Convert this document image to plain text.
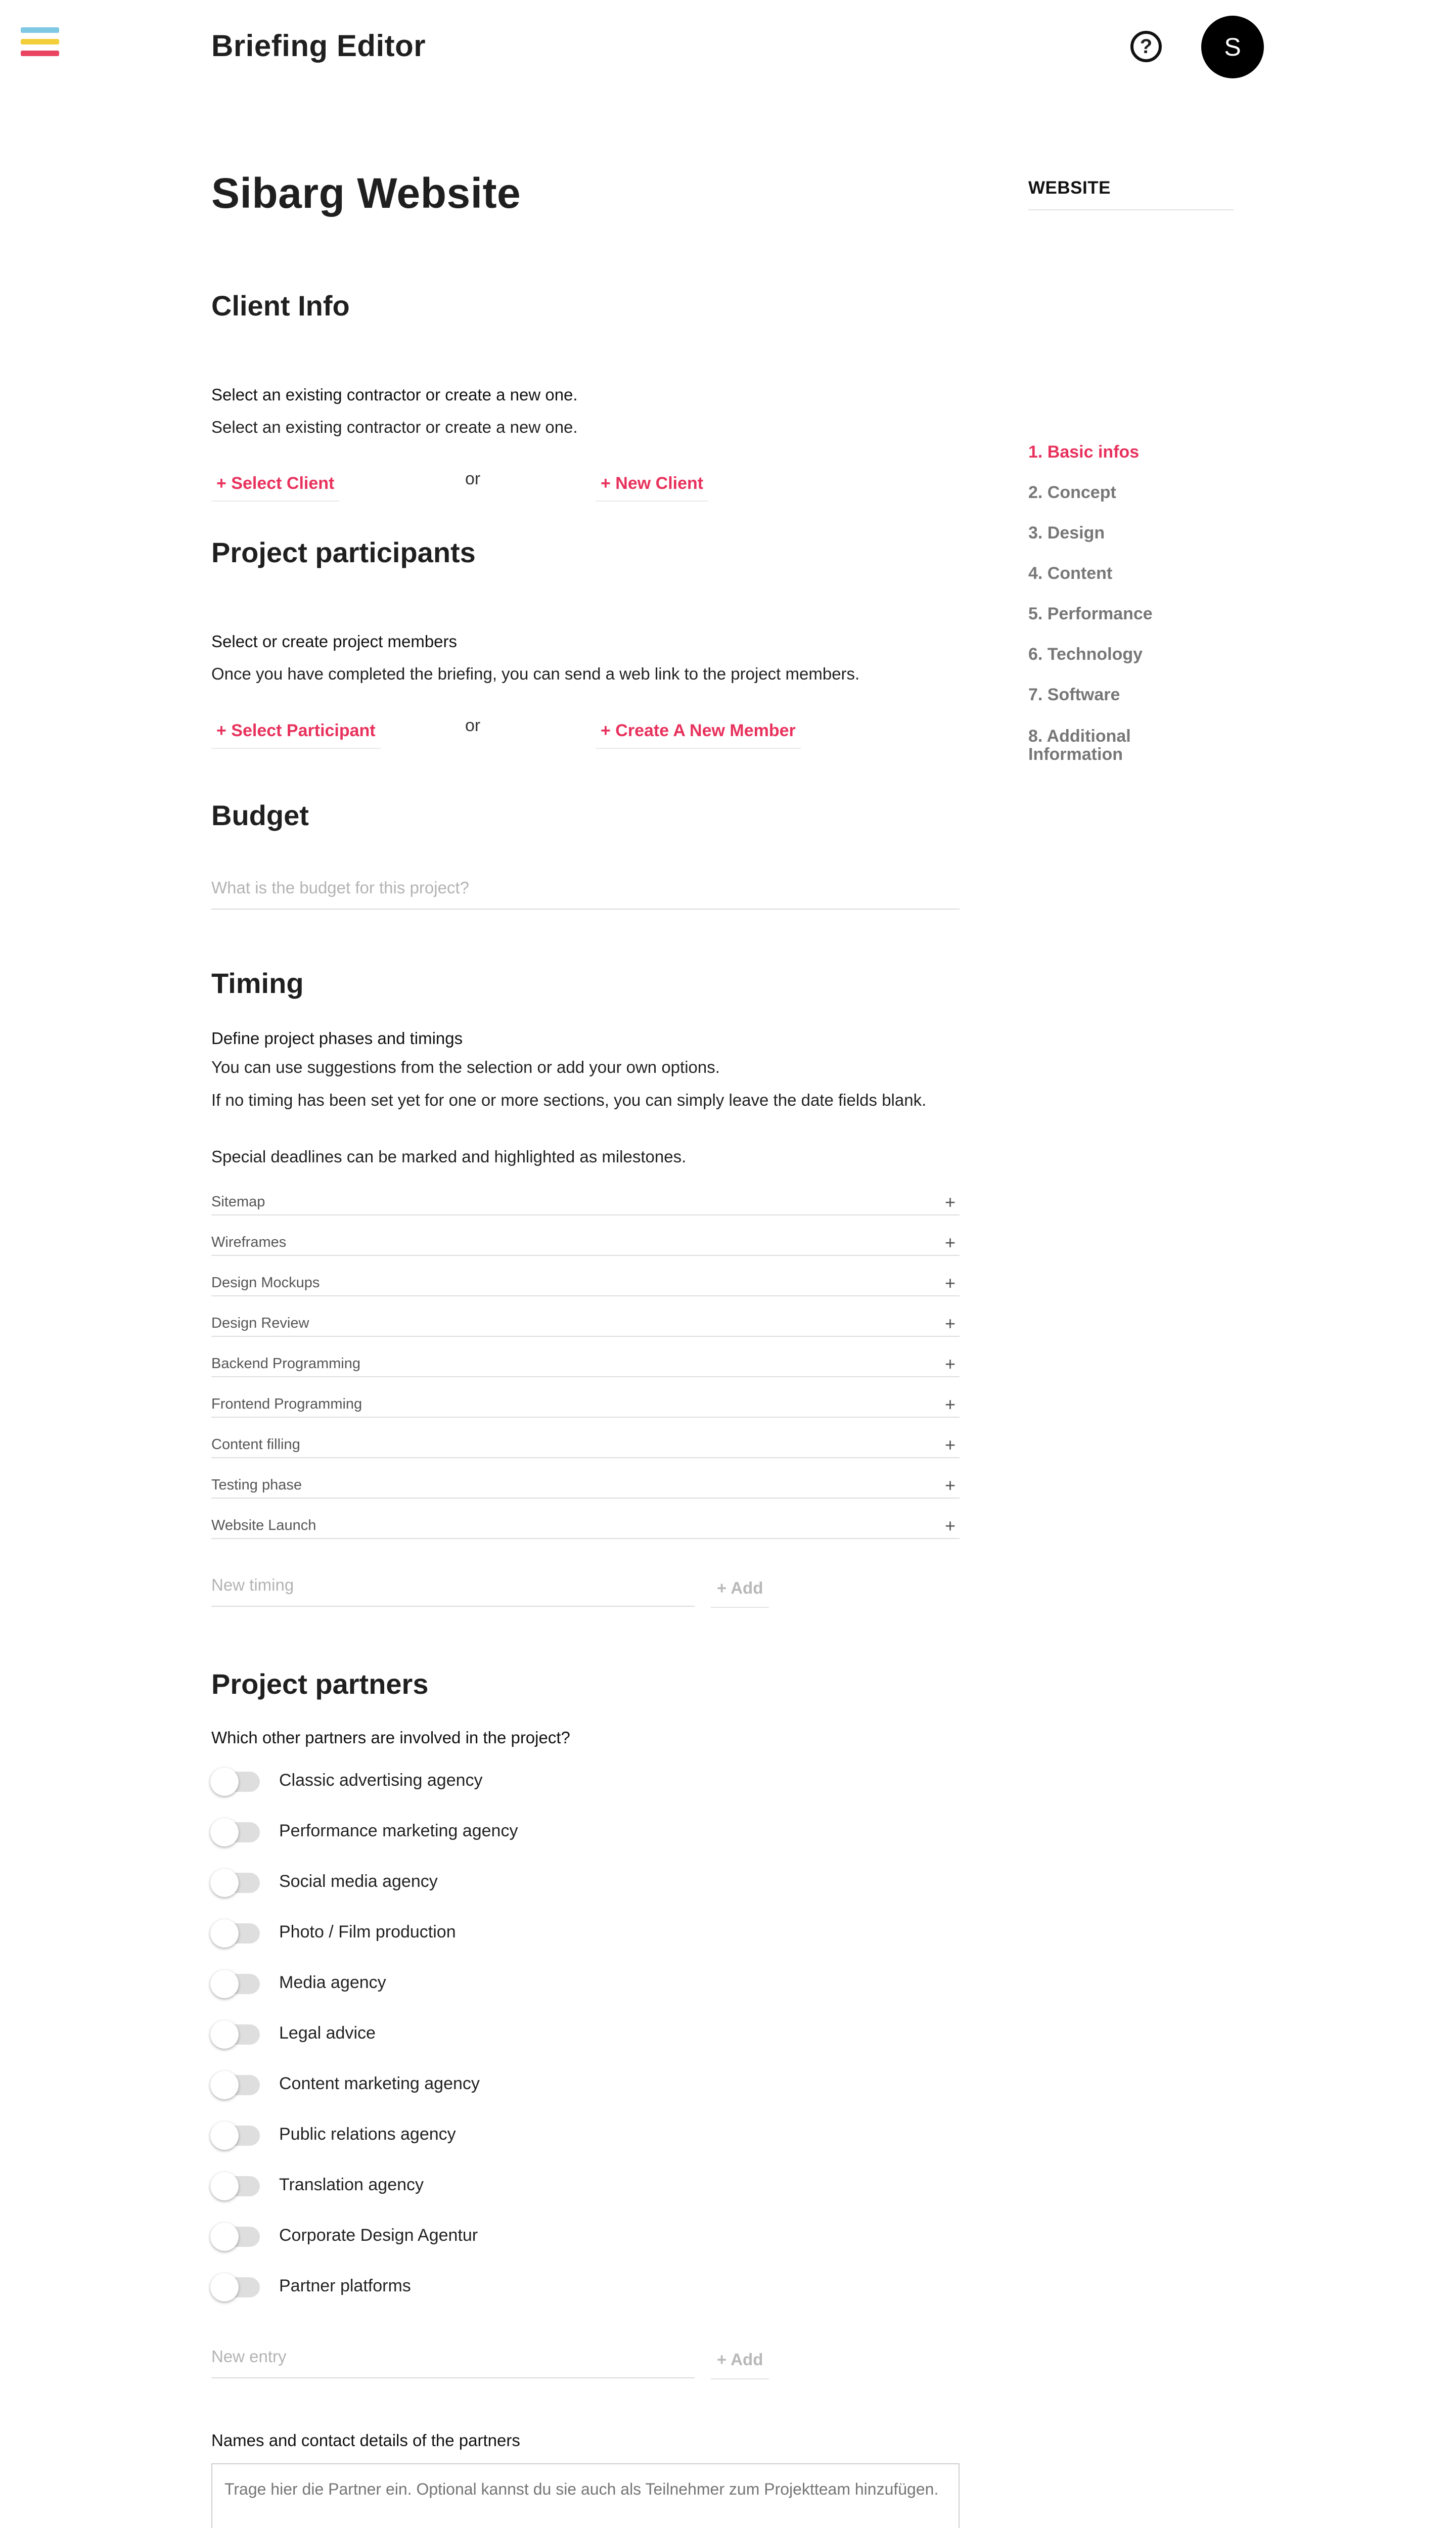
Briefing Editor	?	S
Sibarg Website
Client Info
Select an existing contractor or create a new one.
Select an existing contractor or create a new one.
+ Select Client	or	+ New Client
Project participants
Select or create project members
Once you have completed the briefing, you can send a web link to the project members.
+ Select Participant	or	+ Create A New Member
Budget
What is the budget for this project?
Timing
Define project phases and timings
You can use suggestions from the selection or add your own options.
If no timing has been set yet for one or more sections, you can simply leave the date fields blank.
Special deadlines can be marked and highlighted as milestones.
Sitemap	+
Wireframes	+
Design Mockups	+
Design Review	+
Backend Programming	+
Frontend Programming	+
Content filling	+
Testing phase	+
Website Launch	+
New timing	+ Add
Project partners
Which other partners are involved in the project?
Classic advertising agency
Performance marketing agency
Social media agency
Photo / Film production
Media agency
Legal advice
Content marketing agency
Public relations agency
Translation agency
Corporate Design Agentur
Partner platforms
New entry	+ Add
Names and contact details of the partners
Trage hier die Partner ein. Optional kannst du sie auch als Teilnehmer zum Projektteam hinzufügen.
WEBSITE
1. Basic infos
2. Concept
3. Design
4. Content
5. Performance
6. Technology
7. Software
8. Additional Information
